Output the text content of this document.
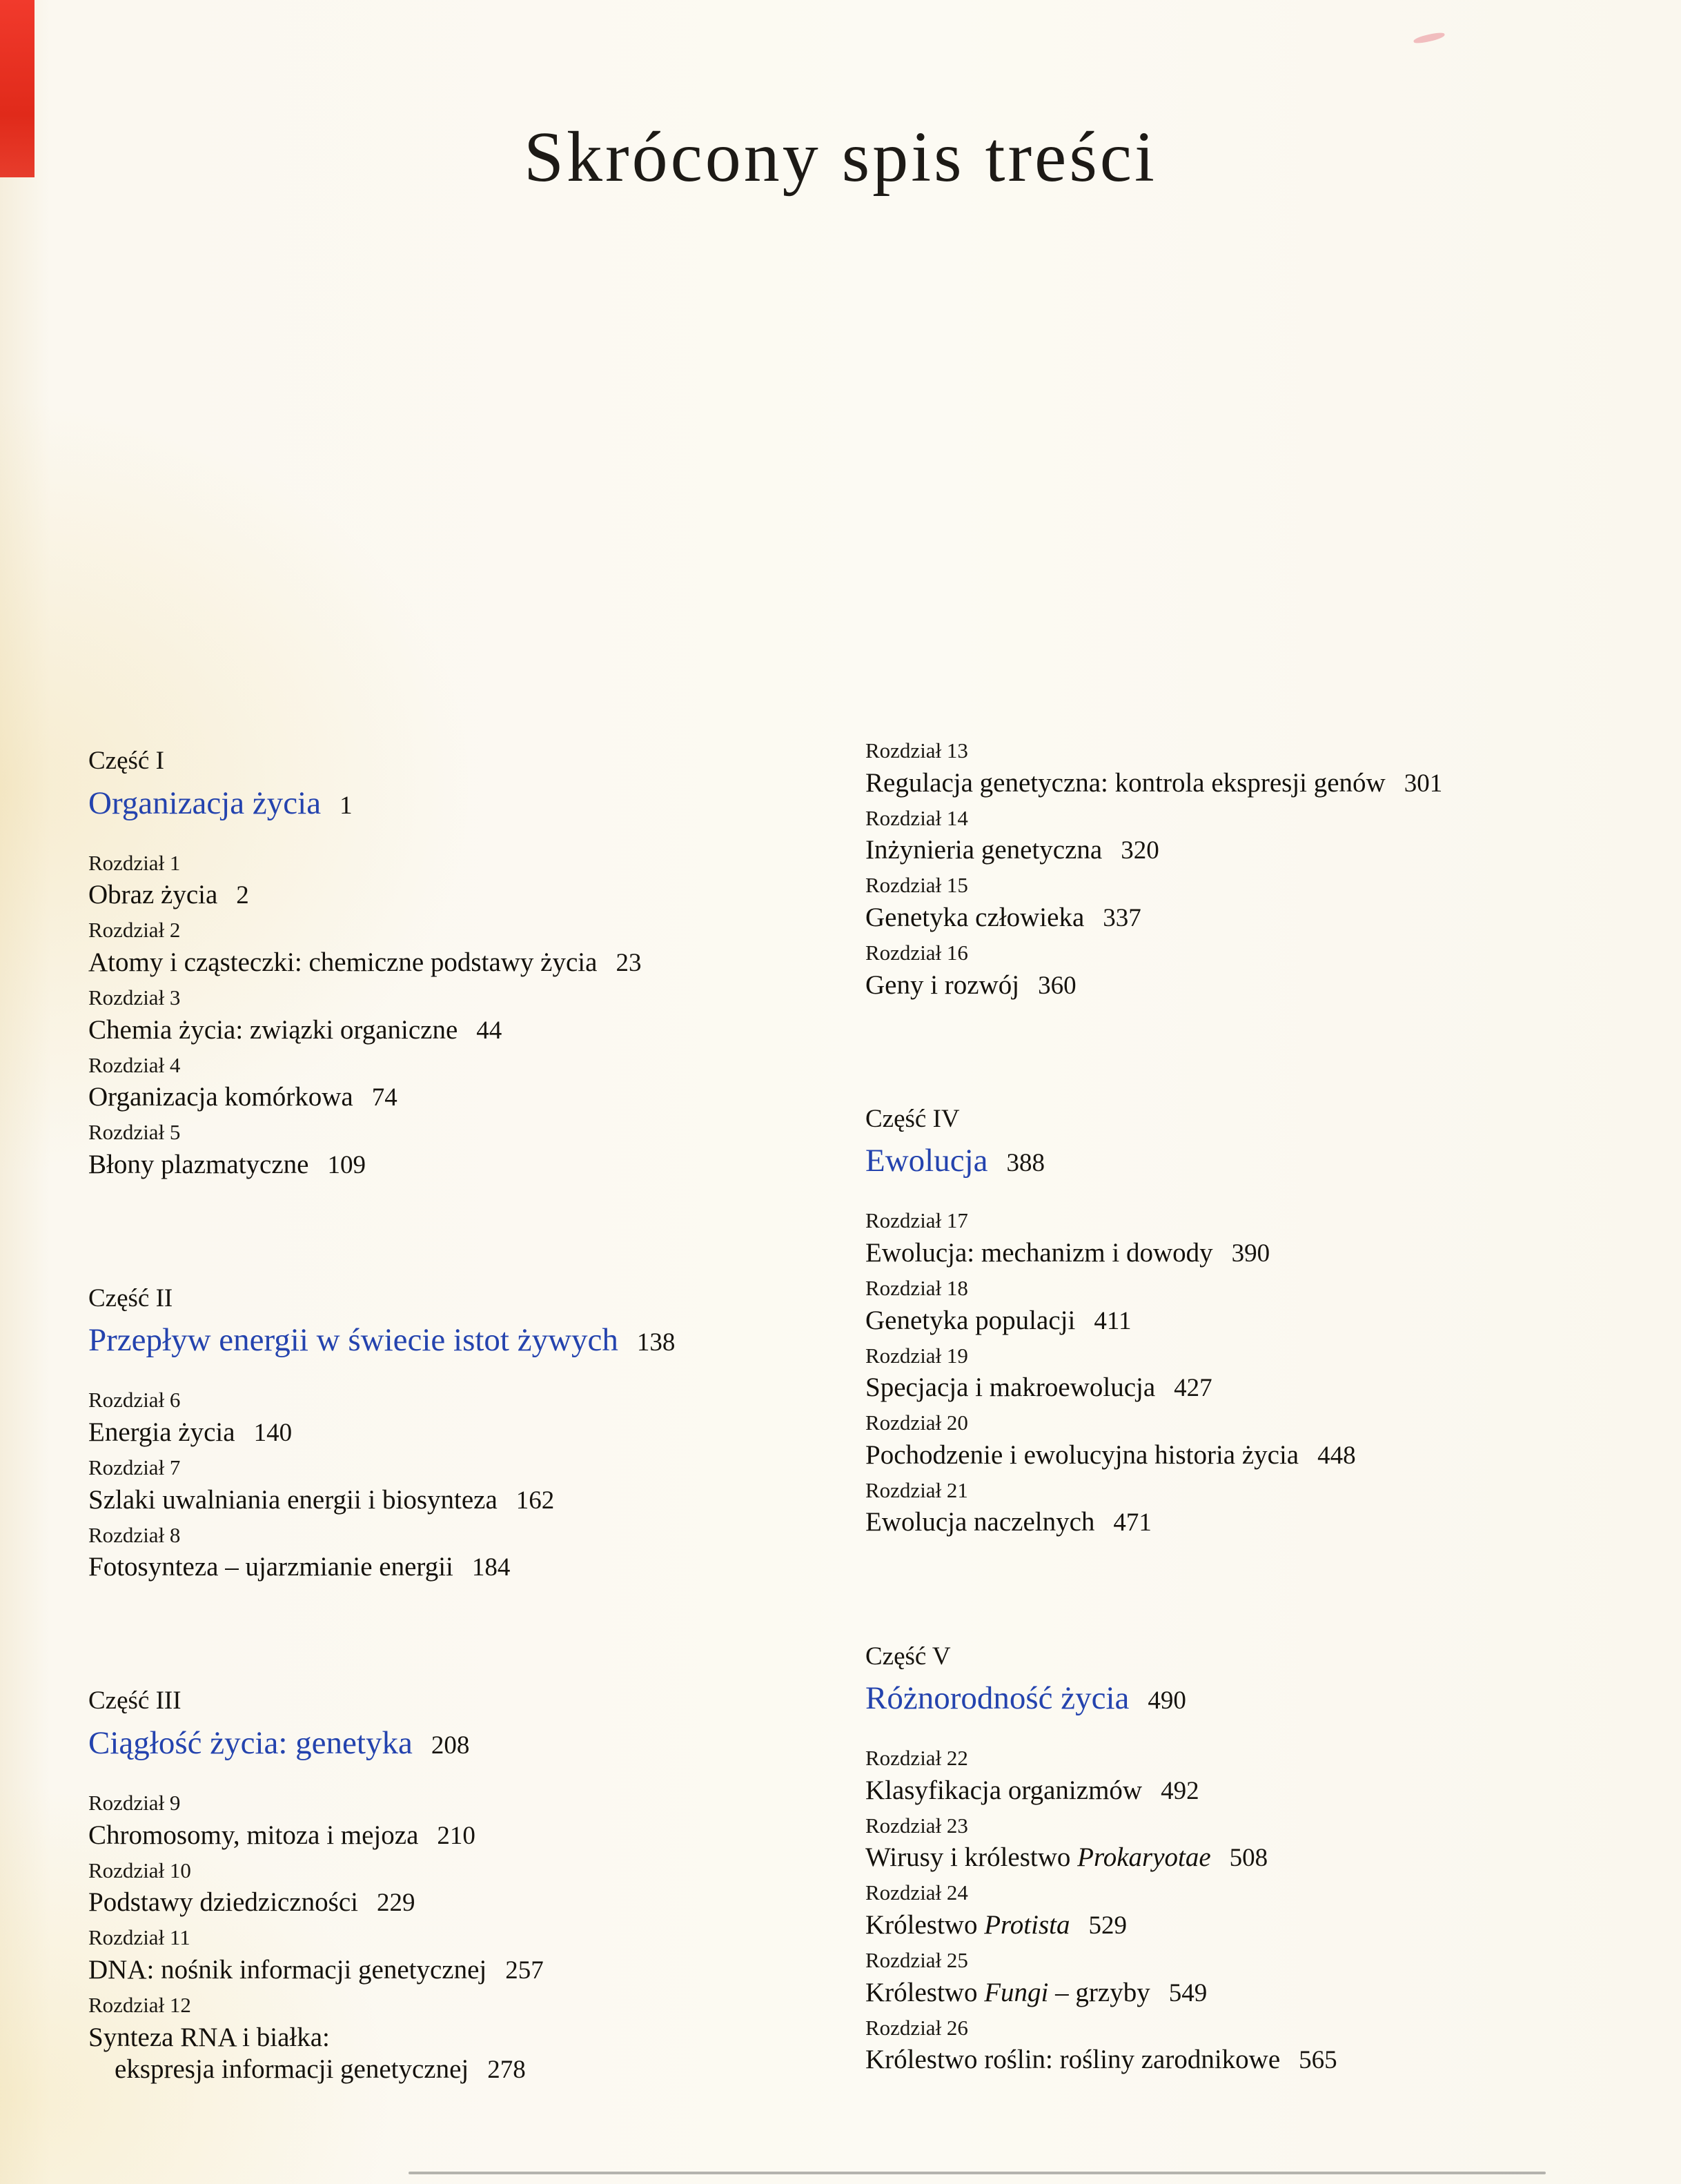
Skrócony spis treści
Część I
Organizacja życia 1
Rozdział 1
Obraz życia 2
Rozdział 2
Atomy i cząsteczki: chemiczne podstawy życia 23
Rozdział 3
Chemia życia: związki organiczne 44
Rozdział 4
Organizacja komórkowa 74
Rozdział 5
Błony plazmatyczne 109
Część II
Przepływ energii w świecie istot żywych 138
Rozdział 6
Energia życia 140
Rozdział 7
Szlaki uwalniania energii i biosynteza 162
Rozdział 8
Fotosynteza – ujarzmianie energii 184
Część III
Ciągłość życia: genetyka 208
Rozdział 9
Chromosomy, mitoza i mejoza 210
Rozdział 10
Podstawy dziedziczności 229
Rozdział 11
DNA: nośnik informacji genetycznej 257
Rozdział 12
Synteza RNA i białka:
ekspresja informacji genetycznej 278
Rozdział 13
Regulacja genetyczna: kontrola ekspresji genów 301
Rozdział 14
Inżynieria genetyczna 320
Rozdział 15
Genetyka człowieka 337
Rozdział 16
Geny i rozwój 360
Część IV
Ewolucja 388
Rozdział 17
Ewolucja: mechanizm i dowody 390
Rozdział 18
Genetyka populacji 411
Rozdział 19
Specjacja i makroewolucja 427
Rozdział 20
Pochodzenie i ewolucyjna historia życia 448
Rozdział 21
Ewolucja naczelnych 471
Część V
Różnorodność życia 490
Rozdział 22
Klasyfikacja organizmów 492
Rozdział 23
Wirusy i królestwo Prokaryotae 508
Rozdział 24
Królestwo Protista 529
Rozdział 25
Królestwo Fungi – grzyby 549
Rozdział 26
Królestwo roślin: rośliny zarodnikowe 565
